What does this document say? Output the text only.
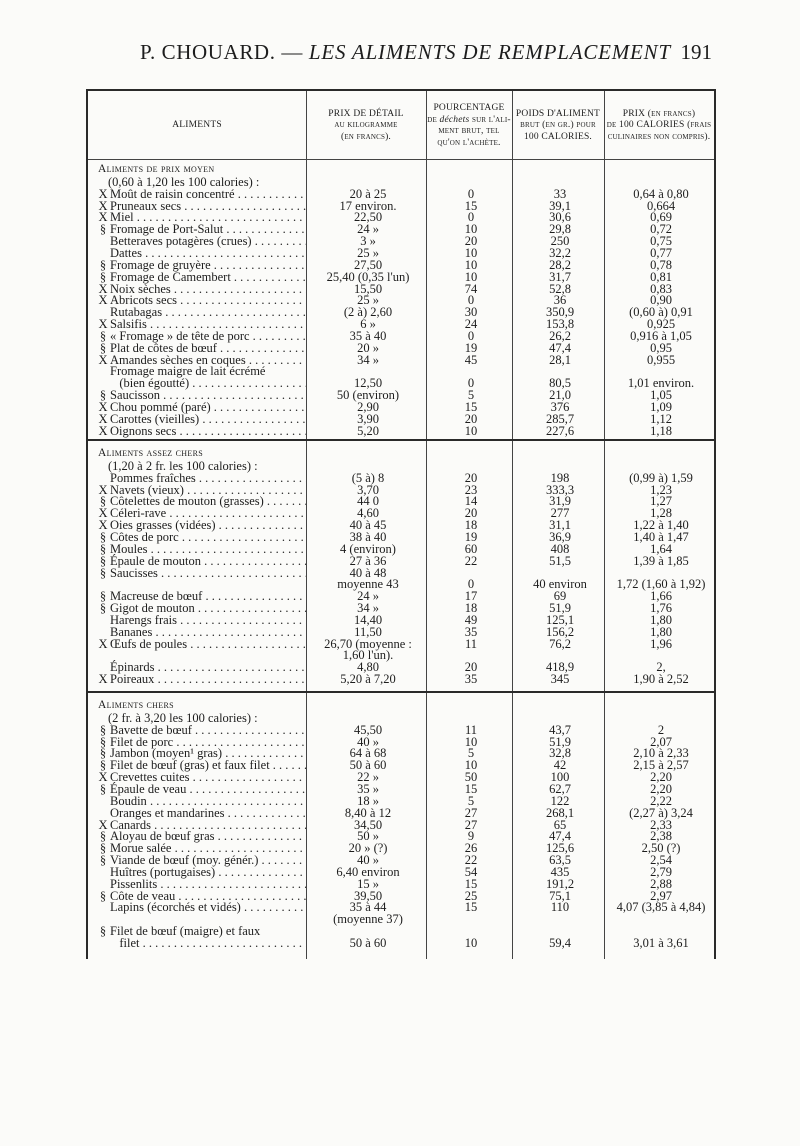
P. CHOUARD. — LES ALIMENTS DE REMPLACEMENT 191
ALIMENTS
PRIX DE DÉTAIL
au kilogramme
(en francs).
POURCENTAGE
de déchets sur l'ali-
ment brut, tel
qu'on l'achète.
POIDS D'ALIMENT
brut (en gr.) pour
100 CALORIES.
PRIX (en francs)
de 100 CALORIES (frais
culinaires non compris).
Aliments de prix moyen
(0,60 à 1,20 les 100 calories) :
X Moût de raisin concentré . . .	20 à 25	0	33	0,64 à 0,80
X Pruneaux secs . . .	17 environ.	15	39,1	0,664
X Miel . . .	22,50	0	30,6	0,69
§ Fromage de Port-Salut . . .	24 »	10	29,8	0,72
Betteraves potagères (crues) . . .	3 »	20	250	0,75
Dattes . . .	25 »	10	32,2	0,77
§ Fromage de gruyère . . .	27,50	10	28,2	0,78
§ Fromage de Camembert . . .	25,40 (0,35 l'un)	10	31,7	0,81
X Noix sèches . . .	15,50	74	52,8	0,83
X Abricots secs . . .	25 »	0	36	0,90
Rutabagas . . .	(2 à) 2,60	30	350,9	(0,60 à) 0,91
X Salsifis . . .	6 »	24	153,8	0,925
§ « Fromage » de tête de porc . . .	35 à 40	0	26,2	0,916 à 1,05
§ Plat de côtes de bœuf . . .	20 »	19	47,4	0,95
X Amandes sèches en coques . . .	34 »	45	28,1	0,955
Fromage maigre de lait écrémé
(bien égoutté) . . .	12,50	0	80,5	1,01 environ.
§ Saucisson . . .	50 (environ)	5	21,0	1,05
X Chou pommé (paré) . . .	2,90	15	376	1,09
X Carottes (vieilles) . . .	3,90	20	285,7	1,12
X Oignons secs . . .	5,20	10	227,6	1,18
Aliments assez chers
(1,20 à 2 fr. les 100 calories) :
Pommes fraîches . . .	(5 à) 8	20	198	(0,99 à) 1,59
X Navets (vieux) . . .	3,70	23	333,3	1,23
§ Côtelettes de mouton (grasses) . . .	44 0	14	31,9	1,27
X Céleri-rave . . .	4,60	20	277	1,28
X Oies grasses (vidées) . . .	40 à 45	18	31,1	1,22 à 1,40
§ Côtes de porc . . .	38 à 40	19	36,9	1,40 à 1,47
§ Moules . . .	4 (environ)	60	408	1,64
§ Épaule de mouton . . .	27 à 36	22	51,5	1,39 à 1,85
§ Saucisses . . .	40 à 48
moyenne 43	0	40 environ	1,72 (1,60 à 1,92)
§ Macreuse de bœuf . . .	24 »	17	69	1,66
§ Gigot de mouton . . .	34 »	18	51,9	1,76
Harengs frais . . .	14,40	49	125,1	1,80
Bananes . . .	11,50	35	156,2	1,80
X Œufs de poules . . .	26,70 (moyenne :	11	76,2	1,96
1,60 l'un).
Épinards . . .	4,80	20	418,9	2,
X Poireaux . . .	5,20 à 7,20	35	345	1,90 à 2,52
Aliments chers
(2 fr. à 3,20 les 100 calories) :
§ Bavette de bœuf . . .	45,50	11	43,7	2
§ Filet de porc . . .	40 »	10	51,9	2,07
§ Jambon (moyen¹ gras) . . .	64 à 68	5	32,8	2,10 à 2,33
§ Filet de bœuf (gras) et faux filet . . .	50 à 60	10	42	2,15 à 2,57
X Crevettes cuites . . .	22 »	50	100	2,20
§ Épaule de veau . . .	35 »	15	62,7	2,20
Boudin . . .	18 »	5	122	2,22
Oranges et mandarines . . .	8,40 à 12	27	268,1	(2,27 à) 3,24
X Canards . . .	34,50	27	65	2,33
§ Aloyau de bœuf gras . . .	50 »	9	47,4	2,38
§ Morue salée . . .	20 » (?)	26	125,6	2,50 (?)
§ Viande de bœuf (moy. génér.) . . .	40 »	22	63,5	2,54
Huîtres (portugaises) . . .	6,40 environ	54	435	2,79
Pissenlits . . .	15 »	15	191,2	2,88
§ Côte de veau . . .	39,50	25	75,1	2,97
Lapins (écorchés et vidés) . . .	35 à 44	15	110	4,07 (3,85 à 4,84)
(moyenne 37)
§ Filet de bœuf (maigre) et faux
filet . . .	50 à 60	10	59,4	3,01 à 3,61
